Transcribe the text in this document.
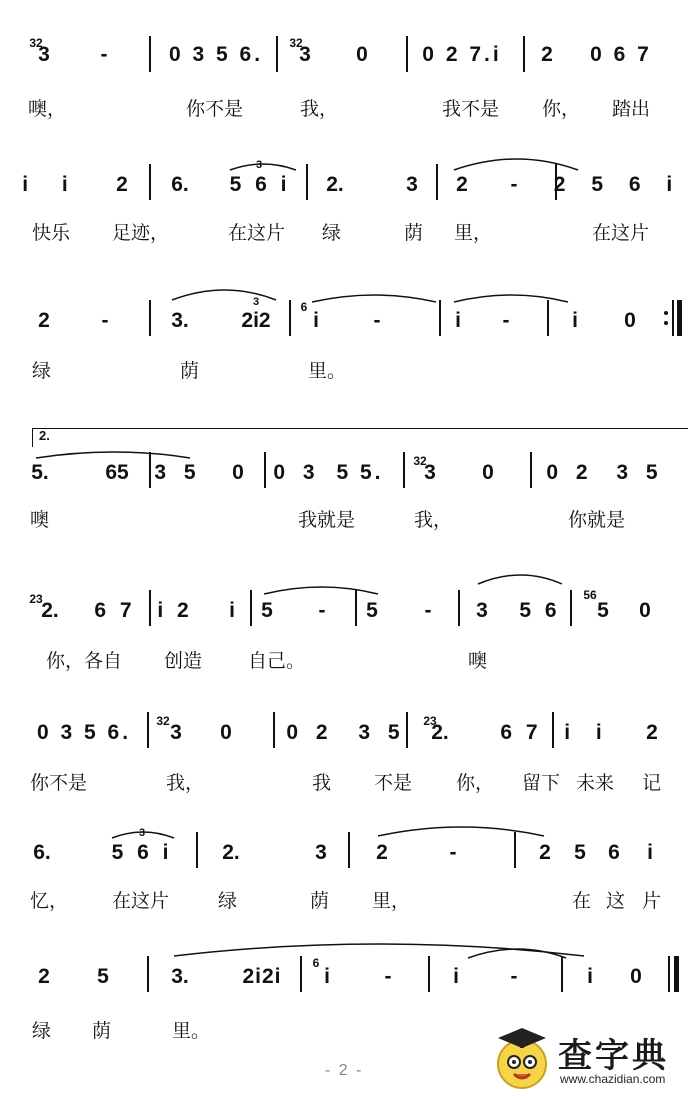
32
3 -	0 3 5 6. 32
3 0	0 2 7.i 2 0 6 7
噢，	你不是	我，	我不是 你， 踏出
i i 2 6. 5 6 i
3
2.	3 2 - 2 5 6 i
快乐 足迹，	在这片 绿	荫 里，	在这片
2 -	3.	2i2
3	6
i	-	i -	i 0
绿	荫	里。
2.
5.	65 3 5 0 0 3 5 5. 32
3 0	0 2 3 5
噢	我就是	我，	你就是
23
2. 6 7 i 2 i 5 - 5 - 3 5 6
56
5 0
你，各自 创造 自己。	噢
0 3 5 6. 32 3 0	0 2 3 5 23
2. 6 7 i i 2
你不是	我，	我 不是 你， 留下 未来 记
6.	5 6 i
3
2.	3 2	-	2 5 6 i
忆， 在这片	绿	荫 里，	在 这 片
2 5	3.	2i2i
6
i	-	i -	i 0
绿 荫	里。
- 2 -	查字典
www.chazidian.com
